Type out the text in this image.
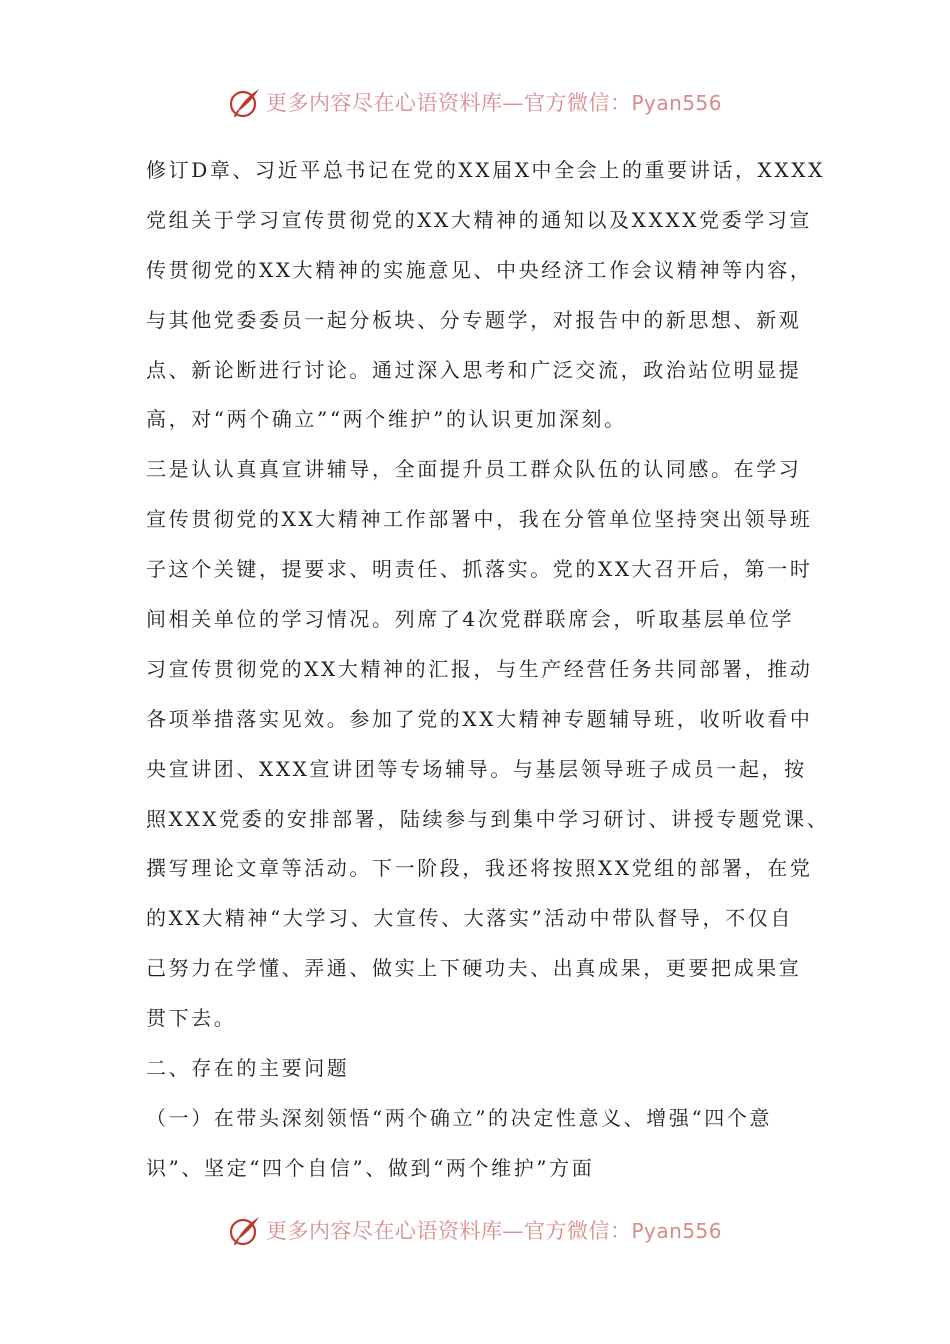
更多内容尽在心语资料库—官方微信：Pyan556
修订D章、习近平总书记在党的XX届X中全会上的重要讲话，XXXX
党组关于学习宣传贯彻党的XX大精神的通知以及XXXX党委学习宣
传贯彻党的XX大精神的实施意见、中央经济工作会议精神等内容，
与其他党委委员一起分板块、分专题学，对报告中的新思想、新观
点、新论断进行讨论。通过深入思考和广泛交流，政治站位明显提
高，对“两个确立”“两个维护”的认识更加深刻。
三是认认真真宣讲辅导，全面提升员工群众队伍的认同感。在学习
宣传贯彻党的XX大精神工作部署中，我在分管单位坚持突出领导班
子这个关键，提要求、明责任、抓落实。党的XX大召开后，第一时
间相关单位的学习情况。列席了4次党群联席会，听取基层单位学
习宣传贯彻党的XX大精神的汇报，与生产经营任务共同部署，推动
各项举措落实见效。参加了党的XX大精神专题辅导班，收听收看中
央宣讲团、XXX宣讲团等专场辅导。与基层领导班子成员一起，按
照XXX党委的安排部署，陆续参与到集中学习研讨、讲授专题党课、
撰写理论文章等活动。下一阶段，我还将按照XX党组的部署，在党
的XX大精神“大学习、大宣传、大落实”活动中带队督导，不仅自
己努力在学懂、弄通、做实上下硬功夫、出真成果，更要把成果宣
贯下去。
二、存在的主要问题
（一）在带头深刻领悟“两个确立”的决定性意义、增强“四个意
识”、坚定“四个自信”、做到“两个维护”方面
更多内容尽在心语资料库—官方微信：Pyan556
